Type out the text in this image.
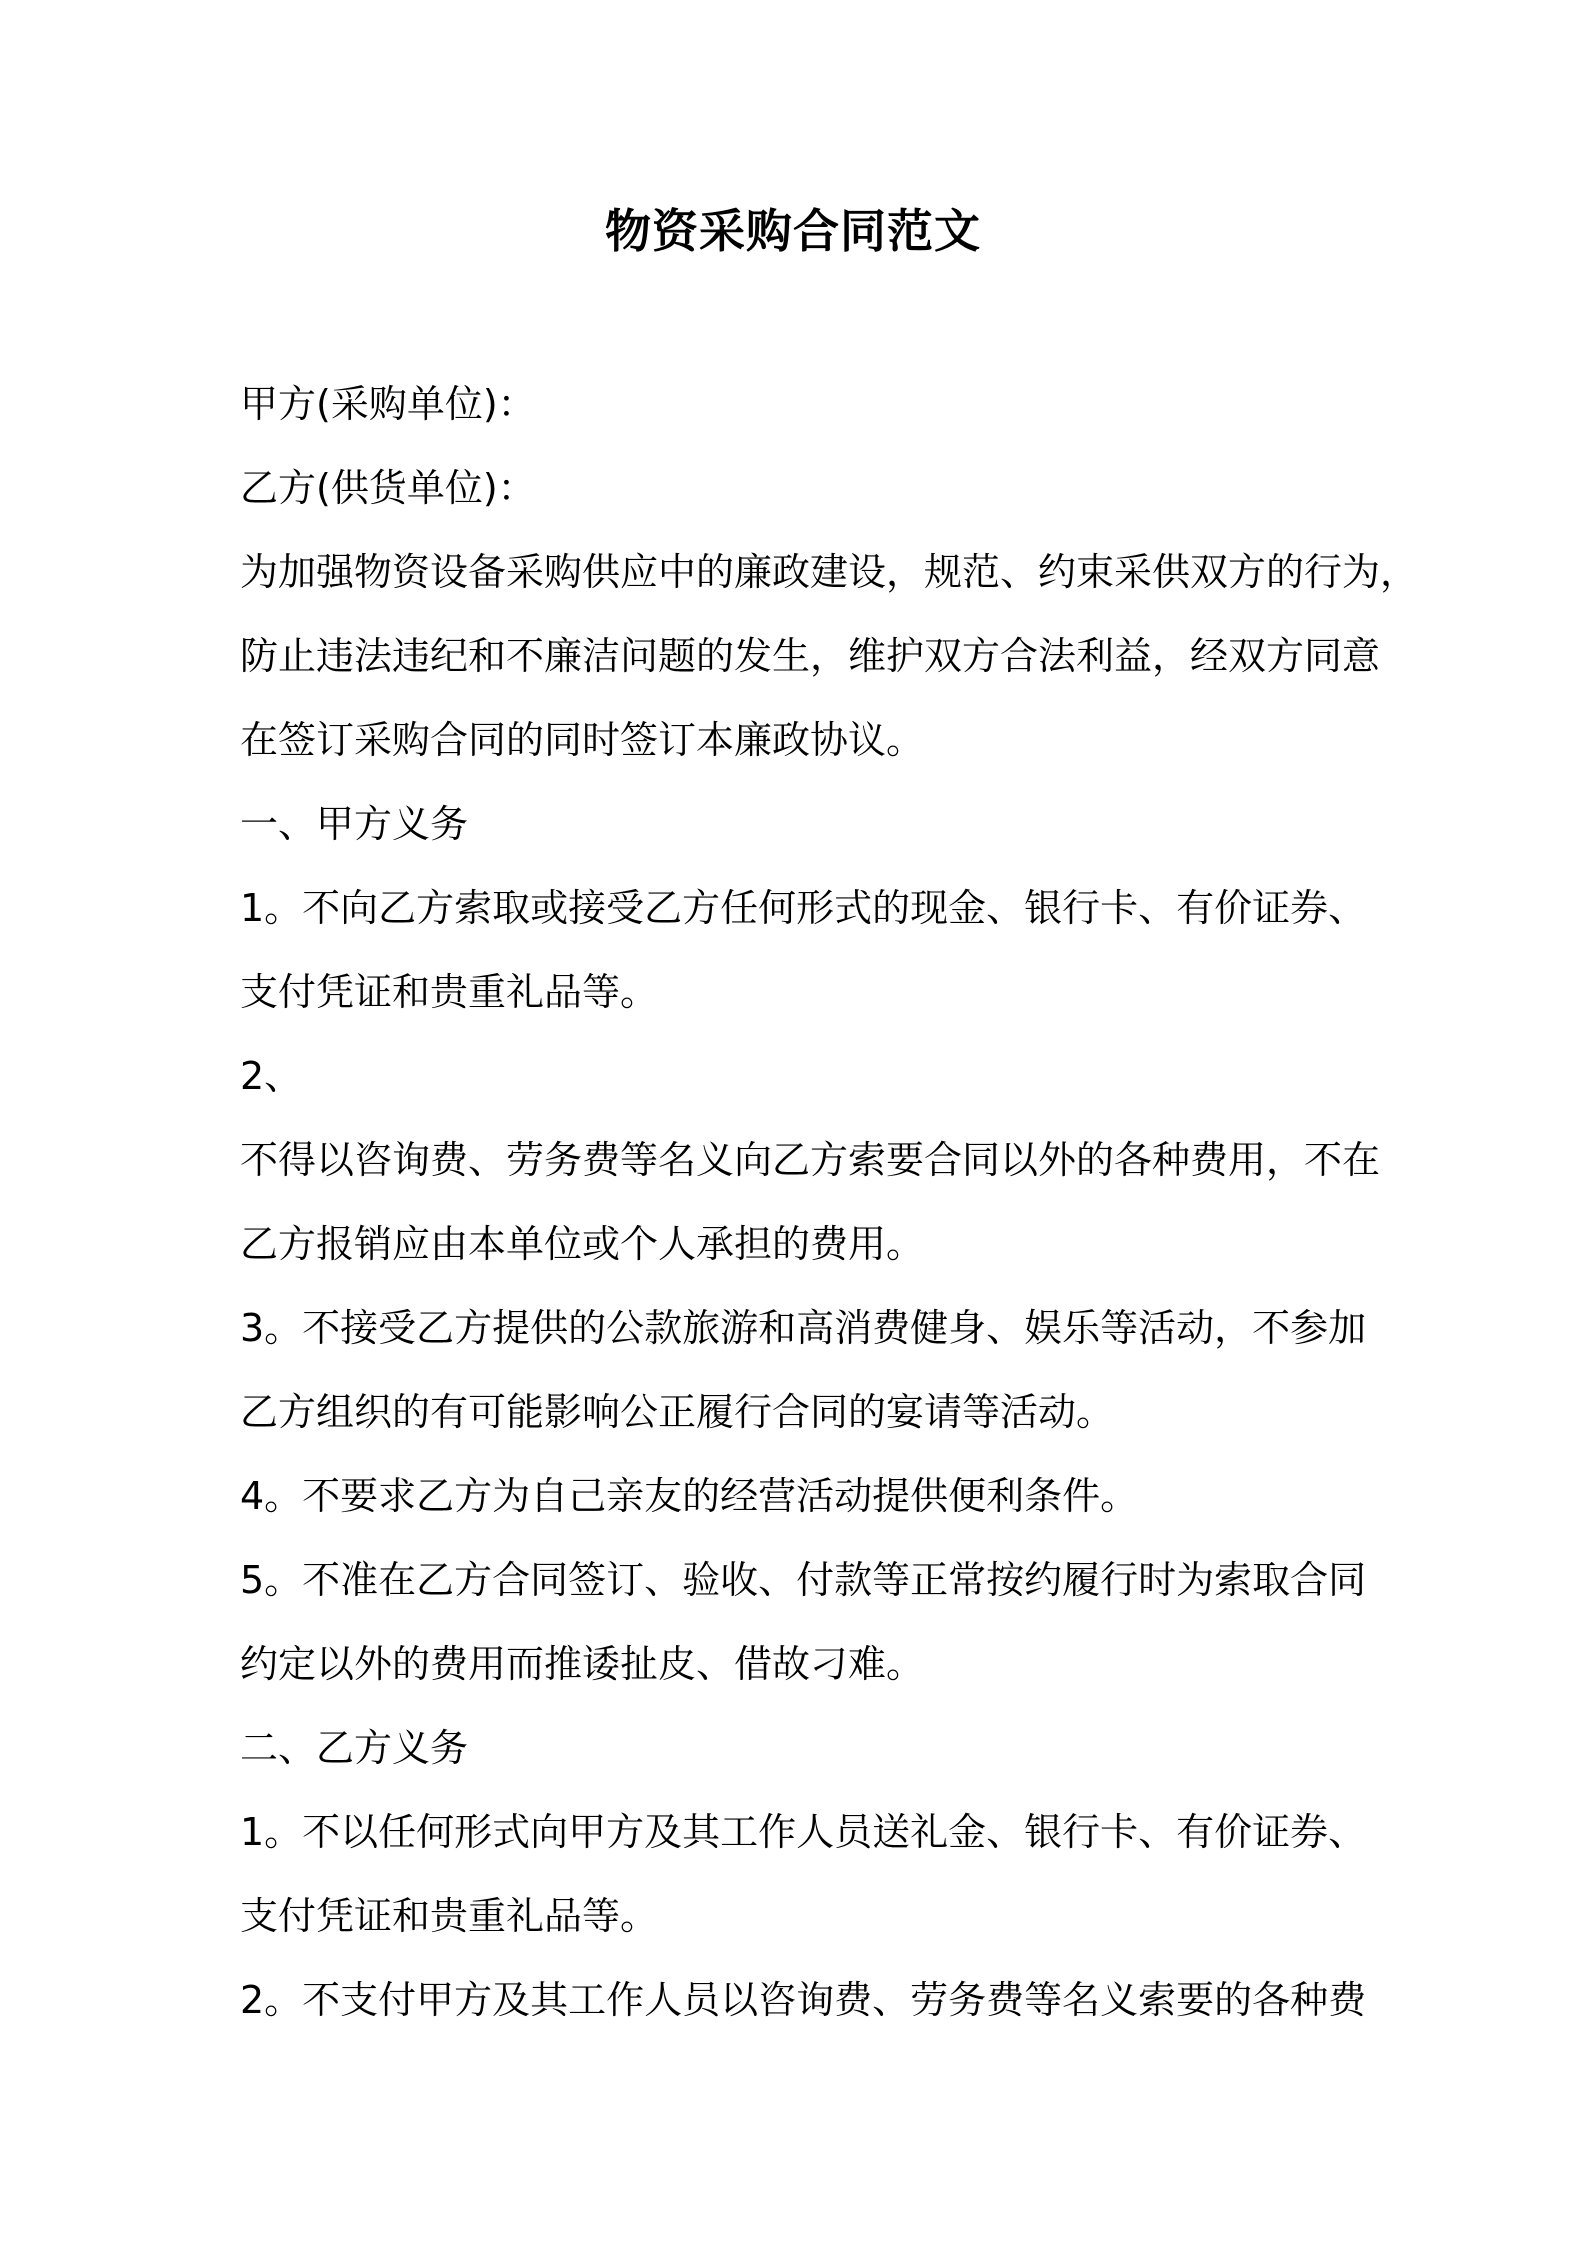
物资采购合同范文
甲方(采购单位)：
乙方(供货单位)：
为加强物资设备采购供应中的廉政建设，规范、约束采供双方的行为，
防止违法违纪和不廉洁问题的发生，维护双方合法利益，经双方同意
在签订采购合同的同时签订本廉政协议。
一、甲方义务
1。不向乙方索取或接受乙方任何形式的现金、银行卡、有价证券、
支付凭证和贵重礼品等。
2、
不得以咨询费、劳务费等名义向乙方索要合同以外的各种费用，不在
乙方报销应由本单位或个人承担的费用。
3。不接受乙方提供的公款旅游和高消费健身、娱乐等活动，不参加
乙方组织的有可能影响公正履行合同的宴请等活动。
4。不要求乙方为自己亲友的经营活动提供便利条件。
5。不准在乙方合同签订、验收、付款等正常按约履行时为索取合同
约定以外的费用而推诿扯皮、借故刁难。
二、乙方义务
1。不以任何形式向甲方及其工作人员送礼金、银行卡、有价证券、
支付凭证和贵重礼品等。
2。不支付甲方及其工作人员以咨询费、劳务费等名义索要的各种费
